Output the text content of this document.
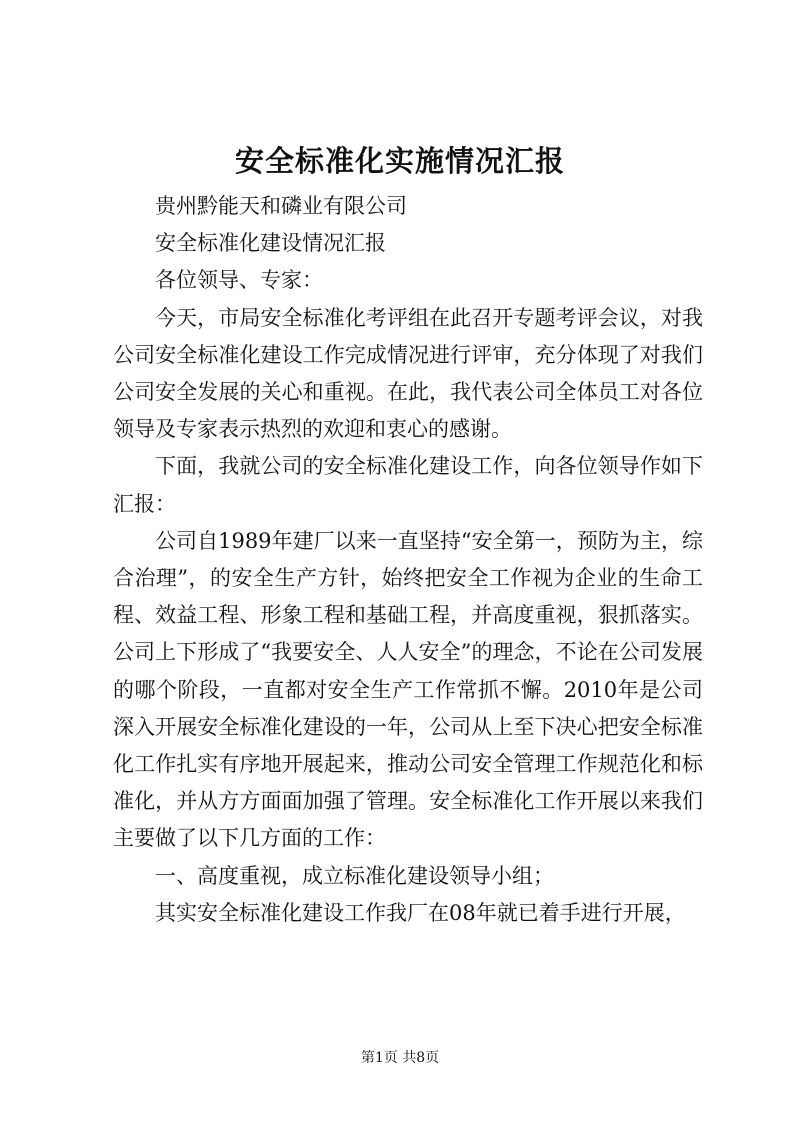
安全标准化实施情况汇报

贵州黔能天和磷业有限公司

安全标准化建设情况汇报

各位领导、专家：

今天，市局安全标准化考评组在此召开专题考评会议，对我公司安全标准化建设工作完成情况进行评审，充分体现了对我们公司安全发展的关心和重视。在此，我代表公司全体员工对各位领导及专家表示热烈的欢迎和衷心的感谢。

下面，我就公司的安全标准化建设工作，向各位领导作如下汇报：

公司自1989年建厂以来一直坚持“安全第一，预防为主，综合治理”，的安全生产方针，始终把安全工作视为企业的生命工程、效益工程、形象工程和基础工程，并高度重视，狠抓落实。公司上下形成了“我要安全、人人安全”的理念，不论在公司发展的哪个阶段，一直都对安全生产工作常抓不懈。2010年是公司深入开展安全标准化建设的一年，公司从上至下决心把安全标准化工作扎实有序地开展起来，推动公司安全管理工作规范化和标准化，并从方方面面加强了管理。安全标准化工作开展以来我们主要做了以下几方面的工作：

一、高度重视，成立标准化建设领导小组；

其实安全标准化建设工作我厂在08年就已着手进行开展，

第1页 共8页
